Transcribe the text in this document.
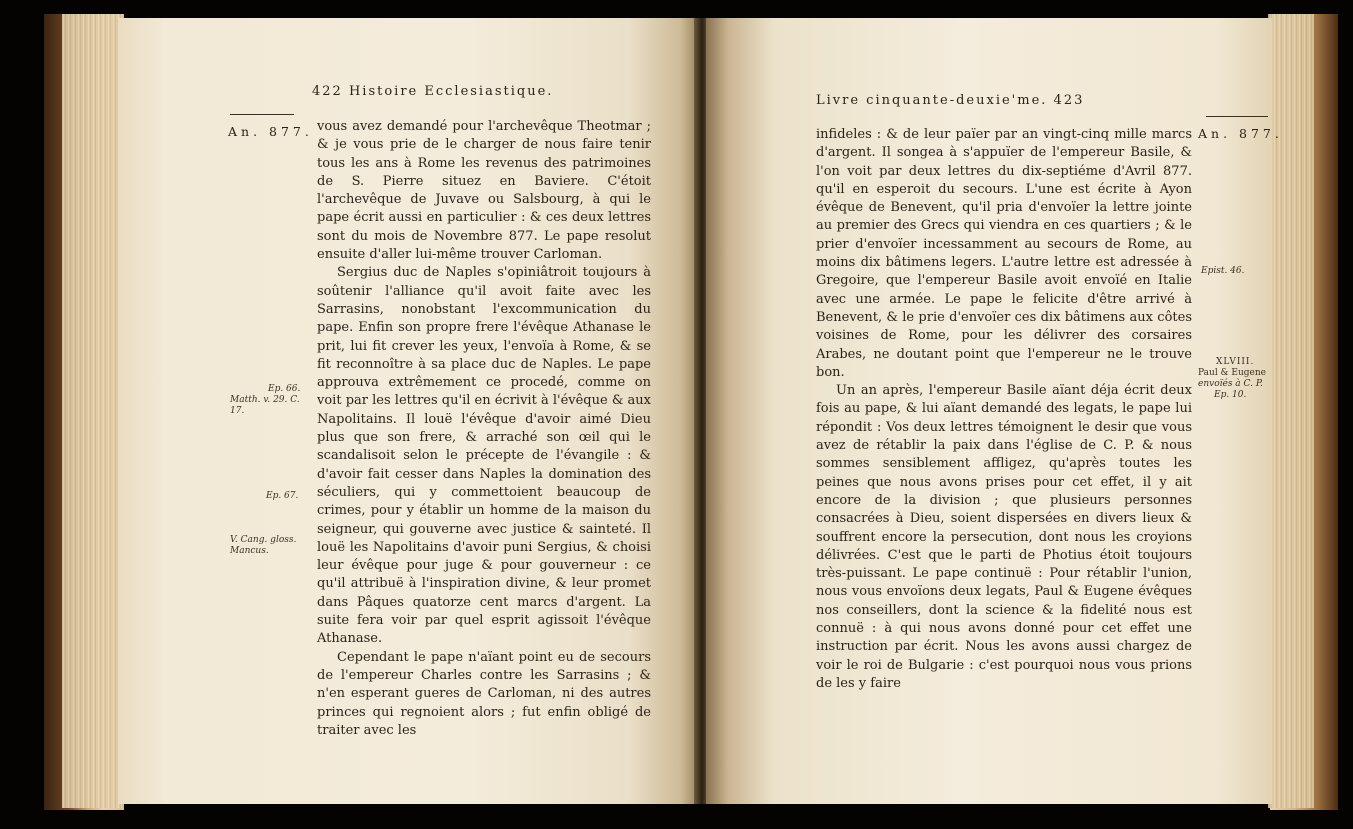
422 Histoire Ecclesiastique.
An. 877. vous avez demandé pour l'archevêque Theotmar ; & je vous prie de le charger de nous faire tenir tous les ans à Rome les revenus des patrimoines de S. Pierre situez en Baviere. C'étoit l'archevêque de Juvave ou Salsbourg, à qui le pape écrit aussi en particulier : & ces deux lettres sont du mois de Novembre 877. Le pape resolut ensuite d'aller lui-même trouver Carloman.

Sergius duc de Naples s'opiniâtroit toujours à soûtenir l'alliance qu'il avoit faite avec les Sarrasins, nonobstant l'excommunication du pape. Enfin son propre frere l'évêque Athanase le prit, lui fit crever les yeux, l'envoïa à Rome, & se fit reconnoître à sa place duc de Naples. Le pape approuva extrêmement ce procedé, comme on voit par les lettres qu'il en écrivit à l'évêque & aux Napolitains. Il louë l'évêque d'avoir aimé Dieu plus que son frere, & arraché son œil qui le scandalisoit selon le précepte de l'évangile : & d'avoir fait cesser dans Naples la domination des séculiers, qui y commettoient beaucoup de crimes, pour y établir un homme de la maison du seigneur, qui gouverne avec justice & sainteté. Il louë les Napolitains d'avoir puni Sergius, & choisi leur évêque pour juge & pour gouverneur : ce qu'il attribuë à l'inspiration divine, & leur promet dans Pâques quatorze cent marcs d'argent. La suite fera voir par quel esprit agissoit l'évêque Athanase.

Cependant le pape n'aïant point eu de secours de l'empereur Charles contre les Sarrasins ; & n'en esperant gueres de Carloman, ni des autres princes qui regnoient alors ; fut enfin obligé de traiter avec les

Ep. 66.
Matth. v. 29. C.
17.
Ep. 67.
V. Cang. gloss.
Mancus.
Livre cinquante-deuxie'me. 423
An. 877.

infideles : & de leur païer par an vingt-cinq mille marcs d'argent. Il songea à s'appuïer de l'empereur Basile, & l'on voit par deux lettres du dix-septiéme d'Avril 877. qu'il en esperoit du secours. L'une est écrite à Ayon évêque de Benevent, qu'il pria d'envoïer la lettre jointe au premier des Grecs qui viendra en ces quartiers ; & le prier d'envoïer incessamment au secours de Rome, au moins dix bâtimens legers. L'autre lettre est adressée à Gregoire, que l'empereur Basile avoit envoïé en Italie avec une armée. Le pape le felicite d'être arrivé à Benevent, & le prie d'envoïer ces dix bâtimens aux côtes voisines de Rome, pour les délivrer des corsaires Arabes, ne doutant point que l'empereur ne le trouve bon.

Un an après, l'empereur Basile aïant déja écrit deux fois au pape, & lui aïant demandé des legats, le pape lui répondit : Vos deux lettres témoignent le desir que vous avez de rétablir la paix dans l'église de C. P. & nous sommes sensiblement affligez, qu'après toutes les peines que nous avons prises pour cet effet, il y ait encore de la division ; que plusieurs personnes consacrées à Dieu, soient dispersées en divers lieux & souffrent encore la persecution, dont nous les croyions délivrées. C'est que le parti de Photius étoit toujours très-puissant. Le pape continuë : Pour rétablir l'union, nous vous envoïons deux legats, Paul & Eugene évêques nos conseillers, dont la science & la fidelité nous est connuë : à qui nous avons donné pour cet effet une instruction par écrit. Nous les avons aussi chargez de voir le roi de Bulgarie : c'est pourquoi nous vous prions de les y faire

Epist. 46.
XLVIII.
Paul & Eugene
envoïés à C. P.
Ep. 10.
